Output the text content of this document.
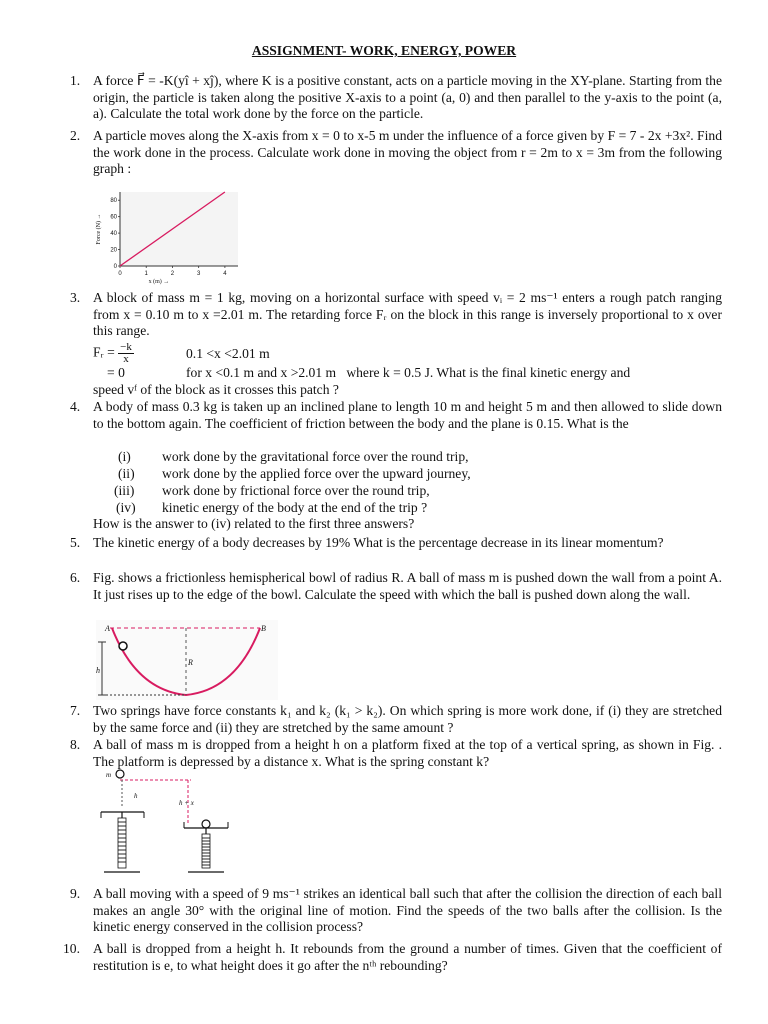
ASSIGNMENT- WORK, ENERGY, POWER
1. A force F⃗ = -K(yî + xĵ), where K is a positive constant, acts on a particle moving in the XY-plane. Starting from the origin, the particle is taken along the positive X-axis to a point (a, 0) and then parallel to the y-axis to the point (a, a). Calculate the total work done by the force on the particle.
2. A particle moves along the X-axis from x = 0 to x-5 m under the influence of a force given by F = 7 - 2x +3x². Find the work done in the process. Calculate work done in moving the object from r = 2m to x = 3m from the following graph :
0	1	2	3	4
0
20
40
60
80
x (m) →
Force (N) →
3. A block of mass m = 1 kg, moving on a horizontal surface with speed vᵢ = 2 ms⁻¹ enters a rough patch ranging from x = 0.10 m to x =2.01 m. The retarding force Fᵣ on the block in this range is inversely proportional to x over this range.
Fᵣ = $\frac{-k}{x}$	0.1 <x <2.01 m
= 0	for x <0.1 m and x >2.01 m   where k = 0.5 J. What is the final kinetic energy and
speed vᶠ of the block as it crosses this patch ?
4. A body of mass 0.3 kg is taken up an inclined plane to length 10 m and height 5 m and then allowed to slide down to the bottom again. The coefficient of friction between the body and the plane is 0.15. What is the
(i) work done by the gravitational force over the round trip,
(ii) work done by the applied force over the upward journey,
(iii) work done by frictional force over the round trip,
(iv) kinetic energy of the body at the end of the trip ?
How is the answer to (iv) related to the first three answers?
5. The kinetic energy of a body decreases by 19% What is the percentage decrease in its linear momentum?
6. Fig. shows a frictionless hemispherical bowl of radius R. A ball of mass m is pushed down the wall from a point A. It just rises up to the edge of the bowl. Calculate the speed with which the ball is pushed down along the wall.
A	B
R
h
7. Two springs have force constants k₁ and k₂ (k₁ > k₂). On which spring is more work done, if (i) they are stretched by the same force and (ii) they are stretched by the same amount ?
8. A ball of mass m is dropped from a height h on a platform fixed at the top of a vertical spring, as shown in Fig. . The platform is depressed by a distance x. What is the spring constant k?
m
h
h + x
9. A ball moving with a speed of 9 ms⁻¹ strikes an identical ball such that after the collision the direction of each ball makes an angle 30° with the original line of motion. Find the speeds of the two balls after the collision. Is the kinetic energy conserved in the collision process?
10. A ball is dropped from a height h. It rebounds from the ground a number of times. Given that the coefficient of restitution is e, to what height does it go after the nᵗʰ rebounding?
